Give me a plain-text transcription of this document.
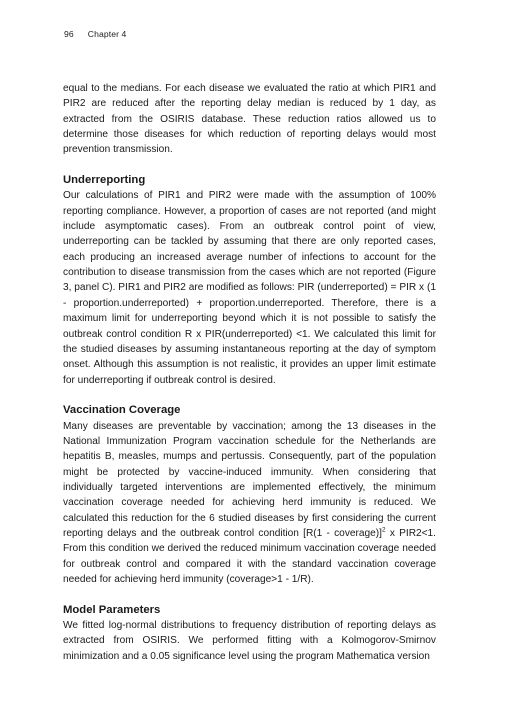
96 Chapter 4

equal to the medians. For each disease we evaluated the ratio at which PIR1 and PIR2 are reduced after the reporting delay median is reduced by 1 day, as extracted from the OSIRIS database. These reduction ratios allowed us to determine those diseases for which reduction of reporting delays would most prevention transmission.

Underreporting

Our calculations of PIR1 and PIR2 were made with the assumption of 100% reporting compliance. However, a proportion of cases are not reported (and might include asymptomatic cases). From an outbreak control point of view, underreporting can be tackled by assuming that there are only reported cases, each producing an increased average number of infections to account for the contribution to disease transmission from the cases which are not reported (Figure 3, panel C). PIR1 and PIR2 are modified as follows: PIR (underreported) = PIR x (1 - proportion.underreported) + proportion.underreported. Therefore, there is a maximum limit for underreporting beyond which it is not possible to satisfy the outbreak control condition R x PIR(underreported) <1. We calculated this limit for the studied diseases by assuming instantaneous reporting at the day of symptom onset. Although this assumption is not realistic, it provides an upper limit estimate for underreporting if outbreak control is desired.

Vaccination Coverage

Many diseases are preventable by vaccination; among the 13 diseases in the National Immunization Program vaccination schedule for the Netherlands are hepatitis B, measles, mumps and pertussis. Consequently, part of the population might be protected by vaccine-induced immunity. When considering that individually targeted interventions are implemented effectively, the minimum vaccination coverage needed for achieving herd immunity is reduced. We calculated this reduction for the 6 studied diseases by first considering the current reporting delays and the outbreak control condition [R(1 - coverage)]$^2$ x PIR2<1. From this condition we derived the reduced minimum vaccination coverage needed for outbreak control and compared it with the standard vaccination coverage needed for achieving herd immunity (coverage>1 - 1/R).

Model Parameters

We fitted log-normal distributions to frequency distribution of reporting delays as extracted from OSIRIS. We performed fitting with a Kolmogorov-Smirnov minimization and a 0.05 significance level using the program Mathematica version
